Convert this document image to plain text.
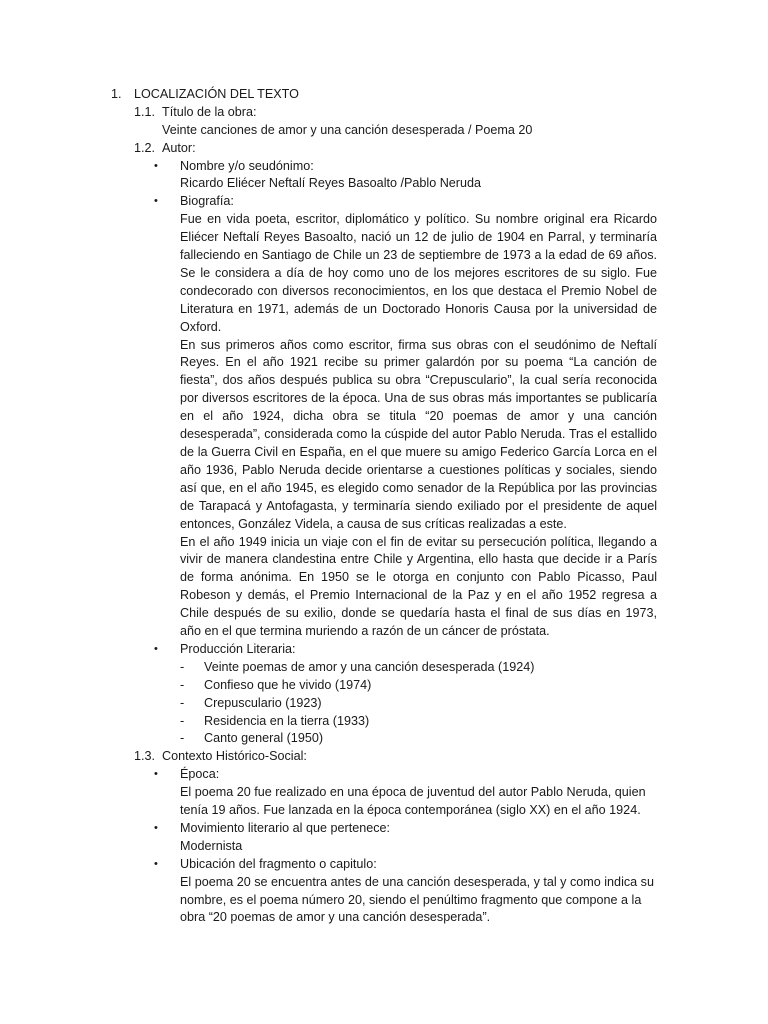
1. LOCALIZACIÓN DEL TEXTO
1.1. Título de la obra:
Veinte canciones de amor y una canción desesperada / Poema 20
1.2. Autor:
• Nombre y/o seudónimo:
Ricardo Eliécer Neftalí Reyes Basoalto /Pablo Neruda
• Biografía:
Fue en vida poeta, escritor, diplomático y político. Su nombre original era Ricardo Eliécer Neftalí Reyes Basoalto, nació un 12 de julio de 1904 en Parral, y terminaría falleciendo en Santiago de Chile un 23 de septiembre de 1973 a la edad de 69 años. Se le considera a día de hoy como uno de los mejores escritores de su siglo. Fue condecorado con diversos reconocimientos, en los que destaca el Premio Nobel de Literatura en 1971, además de un Doctorado Honoris Causa por la universidad de Oxford.
En sus primeros años como escritor, firma sus obras con el seudónimo de Neftalí Reyes. En el año 1921 recibe su primer galardón por su poema “La canción de fiesta”, dos años después publica su obra “Crepusculario”, la cual sería reconocida por diversos escritores de la época. Una de sus obras más importantes se publicaría en el año 1924, dicha obra se titula “20 poemas de amor y una canción desesperada”, considerada como la cúspide del autor Pablo Neruda. Tras el estallido de la Guerra Civil en España, en el que muere su amigo Federico García Lorca en el año 1936, Pablo Neruda decide orientarse a cuestiones políticas y sociales, siendo así que, en el año 1945, es elegido como senador de la República por las provincias de Tarapacá y Antofagasta, y terminaría siendo exiliado por el presidente de aquel entonces, González Videla, a causa de sus críticas realizadas a este.
En el año 1949 inicia un viaje con el fin de evitar su persecución política, llegando a vivir de manera clandestina entre Chile y Argentina, ello hasta que decide ir a París de forma anónima. En 1950 se le otorga en conjunto con Pablo Picasso, Paul Robeson y demás, el Premio Internacional de la Paz y en el año 1952 regresa a Chile después de su exilio, donde se quedaría hasta el final de sus días en 1973, año en el que termina muriendo a razón de un cáncer de próstata.
• Producción Literaria:
- Veinte poemas de amor y una canción desesperada (1924)
- Confieso que he vivido (1974)
- Crepusculario (1923)
- Residencia en la tierra (1933)
- Canto general (1950)
1.3. Contexto Histórico-Social:
• Época:
El poema 20 fue realizado en una época de juventud del autor Pablo Neruda, quien tenía 19 años. Fue lanzada en la época contemporánea (siglo XX) en el año 1924.
• Movimiento literario al que pertenece:
Modernista
• Ubicación del fragmento o capitulo:
El poema 20 se encuentra antes de una canción desesperada, y tal y como indica su nombre, es el poema número 20, siendo el penúltimo fragmento que compone a la obra “20 poemas de amor y una canción desesperada”.
